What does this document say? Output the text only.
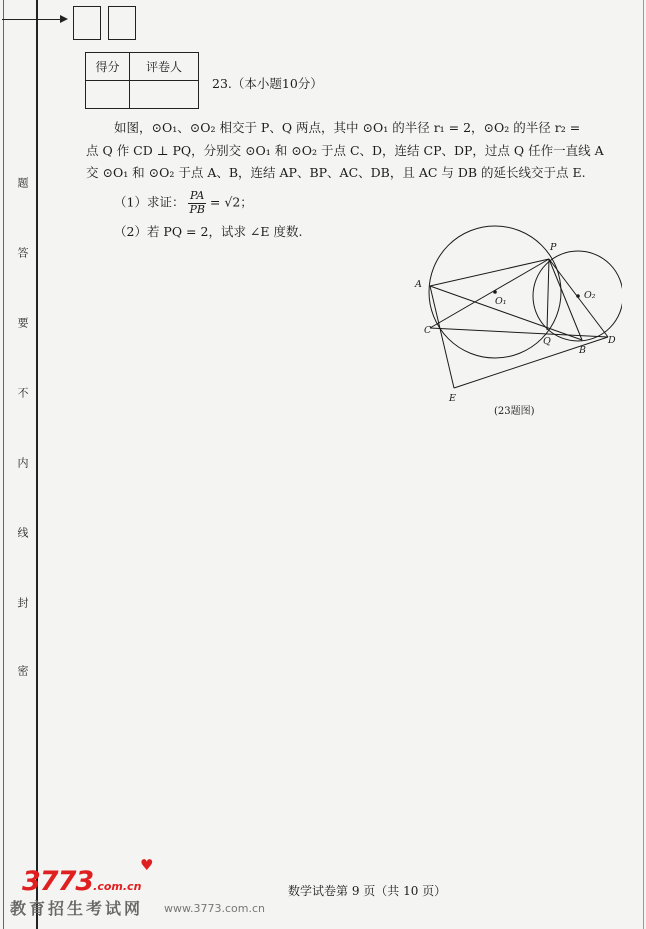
题
答
要
不
内
线
封
密
得分	评卷人

23.（本小题10分）
如图，⊙O₁、⊙O₂ 相交于 P、Q 两点，其中 ⊙O₁ 的半径 r₁ = 2，⊙O₂ 的半径 r₂ =
点 Q 作 CD ⊥ PQ，分别交 ⊙O₁ 和 ⊙O₂ 于点 C、D，连结 CP、DP，过点 Q 任作一直线 A
交 ⊙O₁ 和 ⊙O₂ 于点 A、B，连结 AP、BP、AC、DB，且 AC 与 DB 的延长线交于点 E.
（1）求证： $\frac{PA}{PB} = √2$；
（2）若 PQ = 2，试求 ∠E 度数.
P
A
O₁
O₂
C
Q
B
D
E
(23题图)
数学试卷第 9 页（共 10 页）
3773.com.cn
♥
教育招生考试网 www.3773.com.cn
